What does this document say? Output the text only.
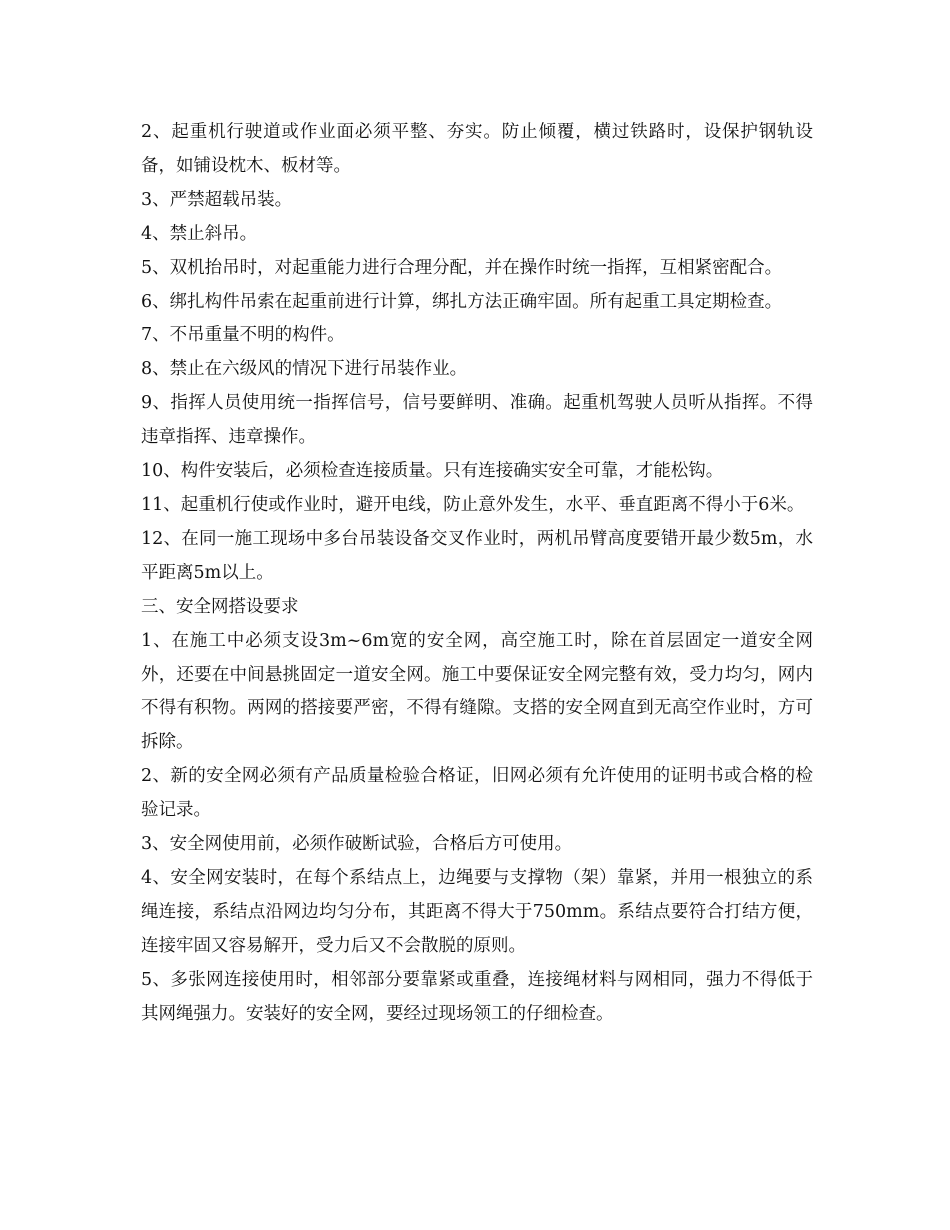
2、起重机行驶道或作业面必须平整、夯实。防止倾覆，横过铁路时，设保护钢轨设备，如铺设枕木、板材等。

3、严禁超载吊装。

4、禁止斜吊。

5、双机抬吊时，对起重能力进行合理分配，并在操作时统一指挥，互相紧密配合。

6、绑扎构件吊索在起重前进行计算，绑扎方法正确牢固。所有起重工具定期检查。

7、不吊重量不明的构件。

8、禁止在六级风的情况下进行吊装作业。

9、指挥人员使用统一指挥信号，信号要鲜明、准确。起重机驾驶人员听从指挥。不得违章指挥、违章操作。

10、构件安装后，必须检查连接质量。只有连接确实安全可靠，才能松钩。

11、起重机行使或作业时，避开电线，防止意外发生，水平、垂直距离不得小于6米。

12、在同一施工现场中多台吊装设备交叉作业时，两机吊臂高度要错开最少数5m，水平距离5m以上。

三、安全网搭设要求

1、在施工中必须支设3m~6m宽的安全网，高空施工时，除在首层固定一道安全网外，还要在中间悬挑固定一道安全网。施工中要保证安全网完整有效，受力均匀，网内不得有积物。两网的搭接要严密，不得有缝隙。支搭的安全网直到无高空作业时，方可拆除。

2、新的安全网必须有产品质量检验合格证，旧网必须有允许使用的证明书或合格的检验记录。

3、安全网使用前，必须作破断试验，合格后方可使用。

4、安全网安装时，在每个系结点上，边绳要与支撑物（架）靠紧，并用一根独立的系绳连接，系结点沿网边均匀分布，其距离不得大于750mm。系结点要符合打结方便，连接牢固又容易解开，受力后又不会散脱的原则。

5、多张网连接使用时，相邻部分要靠紧或重叠，连接绳材料与网相同，强力不得低于其网绳强力。安装好的安全网，要经过现场领工的仔细检查。
